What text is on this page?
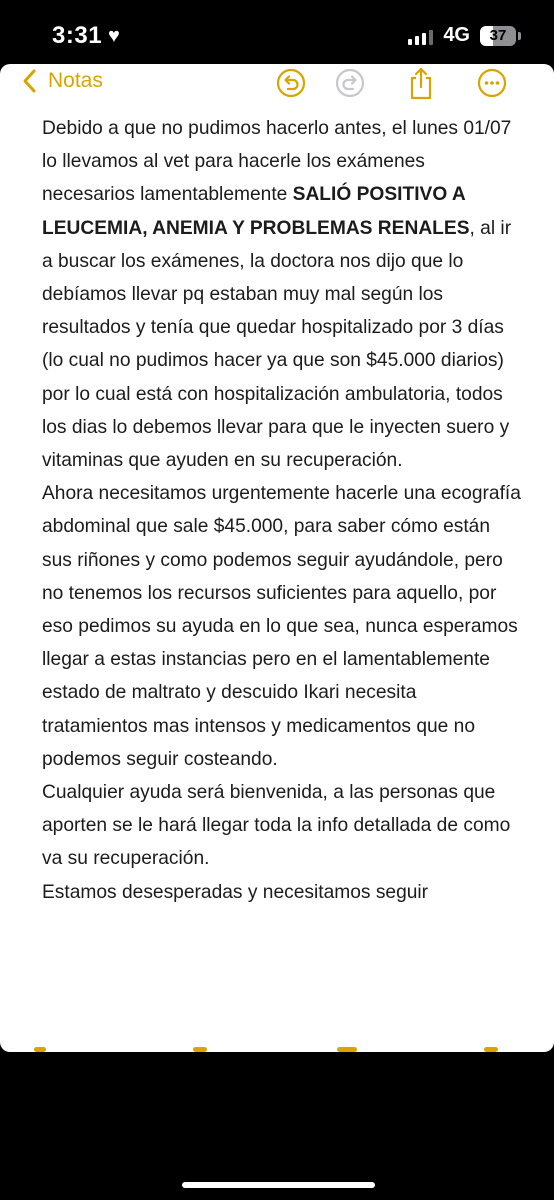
3:31 ♥	4G 37
Notas

Debido a que no pudimos hacerlo antes, el lunes 01/07 lo llevamos al vet para hacerle los exámenes necesarios lamentablemente SALIÓ POSITIVO A LEUCEMIA, ANEMIA Y PROBLEMAS RENALES, al ir a buscar los exámenes, la doctora nos dijo que lo debíamos llevar pq estaban muy mal según los resultados y tenía que quedar hospitalizado por 3 días (lo cual no pudimos hacer ya que son $45.000 diarios) por lo cual está con hospitalización ambulatoria, todos los dias lo debemos llevar para que le inyecten suero y vitaminas que ayuden en su recuperación.

Ahora necesitamos urgentemente hacerle una ecografía abdominal que sale $45.000, para saber cómo están sus riñones y como podemos seguir ayudándole, pero no tenemos los recursos suficientes para aquello, por eso pedimos su ayuda en lo que sea, nunca esperamos llegar a estas instancias pero en el lamentablemente estado de maltrato y descuido Ikari necesita tratamientos mas intensos y medicamentos que no podemos seguir costeando.

Cualquier ayuda será bienvenida, a las personas que aporten se le hará llegar toda la info detallada de como va su recuperación.

Estamos desesperadas y necesitamos seguir
